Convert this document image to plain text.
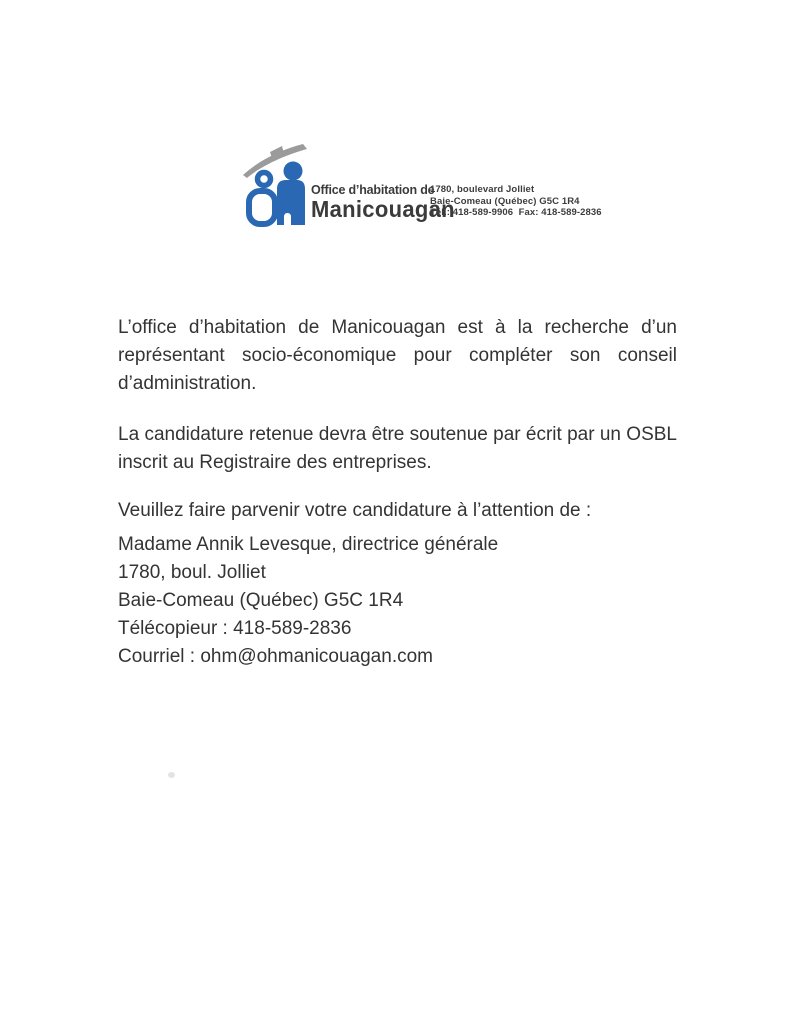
Office d’habitation de
Manicouagan
1780, boulevard Jolliet
Baie-Comeau (Québec) G5C 1R4
Tél.: 418-589-9906  Fax: 418-589-2836

L’office d’habitation de Manicouagan est à la recherche d’un
représentant socio-économique pour compléter son conseil
d’administration.

La candidature retenue devra être soutenue par écrit par un OSBL
inscrit au Registraire des entreprises.

Veuillez faire parvenir votre candidature à l’attention de :

Madame Annik Levesque, directrice générale
1780, boul. Jolliet
Baie-Comeau (Québec) G5C 1R4
Télécopieur : 418-589-2836
Courriel : ohm@ohmanicouagan.com
